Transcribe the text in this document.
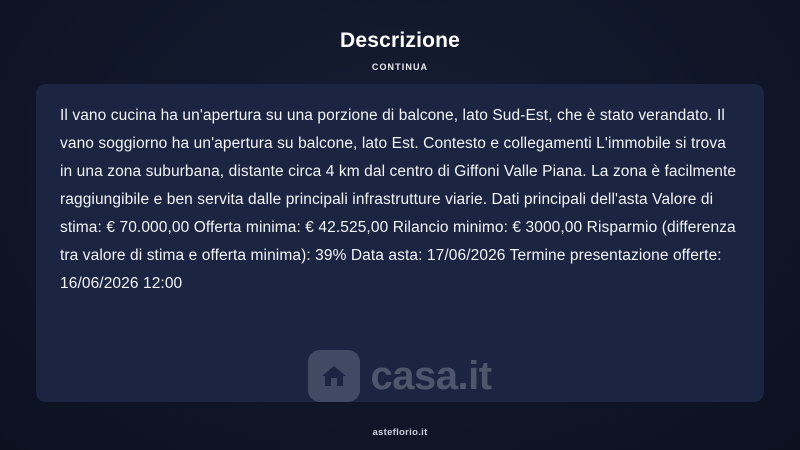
Descrizione
CONTINUA

Il vano cucina ha un'apertura su una porzione di balcone, lato Sud-Est, che è stato verandato. Il vano soggiorno ha un'apertura su balcone, lato Est. Contesto e collegamenti L'immobile si trova in una zona suburbana, distante circa 4 km dal centro di Giffoni Valle Piana. La zona è facilmente raggiungibile e ben servita dalle principali infrastrutture viarie. Dati principali dell'asta Valore di stima: € 70.000,00 Offerta minima: € 42.525,00 Rilancio minimo: € 3000,00 Risparmio (differenza tra valore di stima e offerta minima): 39% Data asta: 17/06/2026 Termine presentazione offerte: 16/06/2026 12:00

casa.it
asteflorio.it
